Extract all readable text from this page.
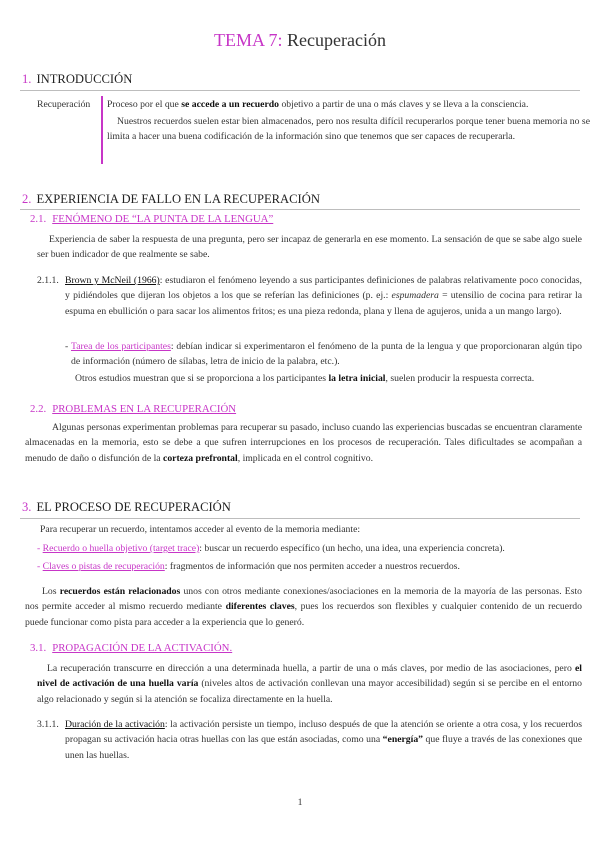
TEMA 7: Recuperación
1. INTRODUCCIÓN
Recuperación Proceso por el que se accede a un recuerdo objetivo a partir de una o más claves y se lleva a la consciencia.
Nuestros recuerdos suelen estar bien almacenados, pero nos resulta difícil recuperarlos porque tener buena memoria no se limita a hacer una buena codificación de la información sino que tenemos que ser capaces de recuperarla.
2. EXPERIENCIA DE FALLO EN LA RECUPERACIÓN
2.1. FENÓMENO DE “LA PUNTA DE LA LENGUA”
Experiencia de saber la respuesta de una pregunta, pero ser incapaz de generarla en ese momento. La sensación de que se sabe algo suele ser buen indicador de que realmente se sabe.
2.1.1. Brown y McNeil (1966): estudiaron el fenómeno leyendo a sus participantes definiciones de palabras relativamente poco conocidas, y pidiéndoles que dijeran los objetos a los que se referían las definiciones (p. ej.: espumadera = utensilio de cocina para retirar la espuma en ebullición o para sacar los alimentos fritos; es una pieza redonda, plana y llena de agujeros, unida a un mango largo).
- Tarea de los participantes: debían indicar si experimentaron el fenómeno de la punta de la lengua y que proporcionaran algún tipo de información (número de sílabas, letra de inicio de la palabra, etc.).
Otros estudios muestran que si se proporciona a los participantes la letra inicial, suelen producir la respuesta correcta.
2.2. PROBLEMAS EN LA RECUPERACIÓN
Algunas personas experimentan problemas para recuperar su pasado, incluso cuando las experiencias buscadas se encuentran claramente almacenadas en la memoria, esto se debe a que sufren interrupciones en los procesos de recuperación. Tales dificultades se acompañan a menudo de daño o disfunción de la corteza prefrontal, implicada en el control cognitivo.
3. EL PROCESO DE RECUPERACIÓN
Para recuperar un recuerdo, intentamos acceder al evento de la memoria mediante:
- Recuerdo o huella objetivo (target trace): buscar un recuerdo específico (un hecho, una idea, una experiencia concreta).
- Claves o pistas de recuperación: fragmentos de información que nos permiten acceder a nuestros recuerdos.
Los recuerdos están relacionados unos con otros mediante conexiones/asociaciones en la memoria de la mayoría de las personas. Esto nos permite acceder al mismo recuerdo mediante diferentes claves, pues los recuerdos son flexibles y cualquier contenido de un recuerdo puede funcionar como pista para acceder a la experiencia que lo generó.
3.1. PROPAGACIÓN DE LA ACTIVACIÓN.
La recuperación transcurre en dirección a una determinada huella, a partir de una o más claves, por medio de las asociaciones, pero el nivel de activación de una huella varía (niveles altos de activación conllevan una mayor accesibilidad) según si se percibe en el entorno algo relacionado y según si la atención se focaliza directamente en la huella.
3.1.1. Duración de la activación: la activación persiste un tiempo, incluso después de que la atención se oriente a otra cosa, y los recuerdos propagan su activación hacia otras huellas con las que están asociadas, como una “energía” que fluye a través de las conexiones que unen las huellas.
1
